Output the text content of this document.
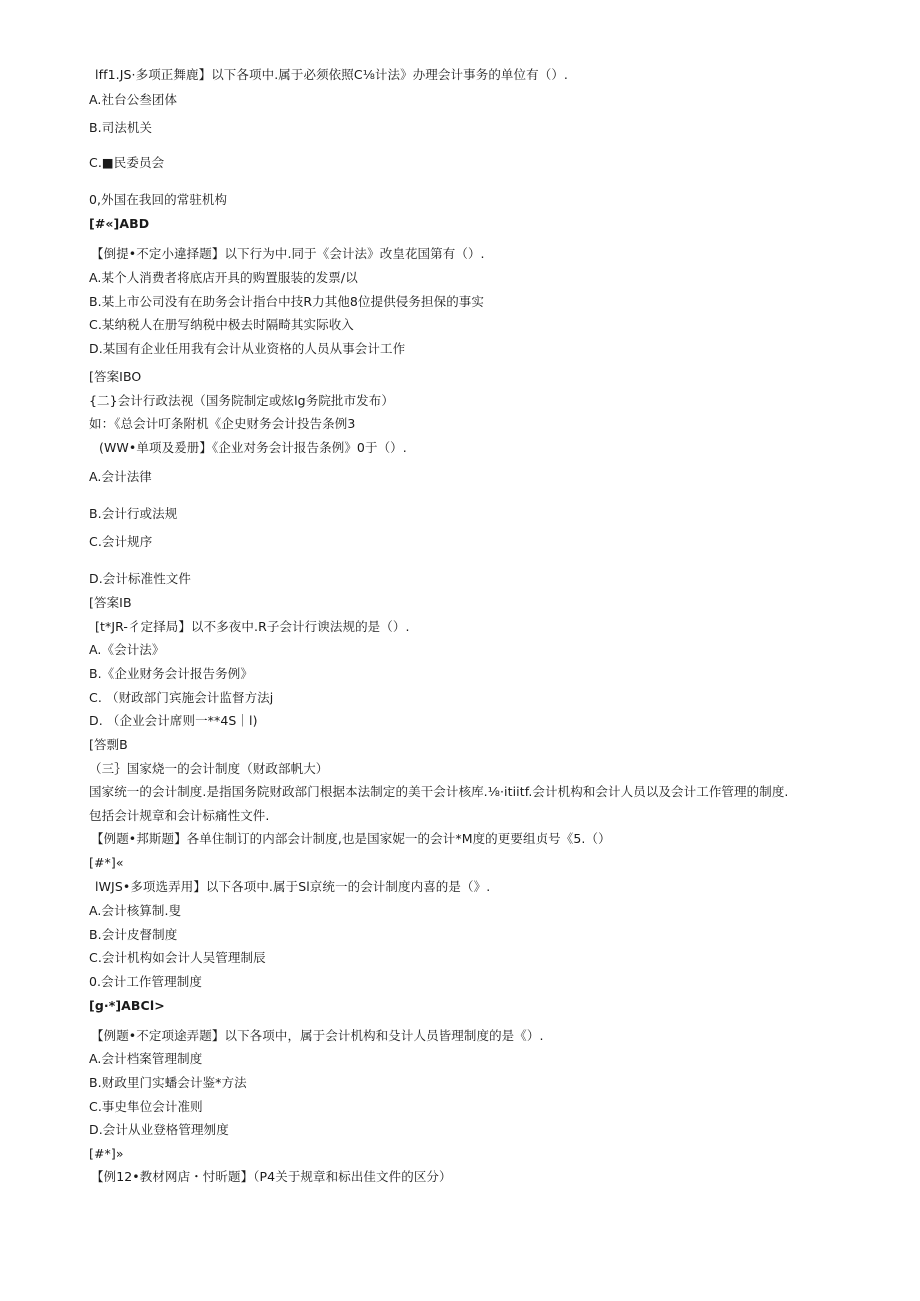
lff1.JS·多项正舞鹿】以下各项中.属于必须依照C⅛计法》办理会计事务的单位有（）.
A.社台公叁团体
B.司法机关
C.■民委员会
0,外国在我回的常驻机构
[#«]ABD
【倒提•不定小違择题】以下行为中.同于《会计法》改皇花国第有（）.
A.某个人消费者将底店开具的购置服装的发票/以
B.某上市公司没有在助务会计指台中技R力其他8位提供侵务担保的事实
C.某纳税人在册写纳税中极去时隔畸其实际收入
D.某国有企业任用我有会计从业资格的人员从事会计工作
[答案IBO
{二}会计行政法视（国务院制定或炫lg务院批市发布）
如：《总会计叮条附机《企史财务会计投告条例3
(WW•单项及爰册】《企业对务会计报告条例》0于（）.
A.会计法律
B.会计行或法规
C.会计规序
D.会计标准性文件
[答案IB
[t*JR-彳定择局】以不多夜中.R子会计行谀法规的是（）.
A.《会计法》
B.《企业财务会计报告务例》
C. （财政部门宾施会计监督方法j
D. （企业会计席则一**4S｜l)
[答剽B
（三｝国家烧一的会计制度（财政部帆大）
国家统一的会计制度.是指国务院财政部门根据本法制定的美干会计核库.⅛·itiitf.会计机构和会计人员以及会计工作管理的制度.
包括会计规章和会计标痛性文件.
【例题•邦斯题】各单住制订的内部会计制度,也是国家妮一的会计*M度的更要组贞号《5.（）
[#*]«
lWJS•多项选弄用】以下各项中.属于Sl京统一的会计制度内喜的是（》.
A.会计核算制.叟
B.会计皮督制度
C.会计机构如会计人吴管理制辰
0.会计工作管理制度
[g·*]ABCl>
【例题•不定项途弄题】以下各项中，属于会计机构和殳计人员皆理制度的是《）.
A.会计档案管理制度
B.财政里门实蟠会计鉴*方法
C.事史隼位会计准则
D.会计从业登格管理刎度
[#*]»
【例12•教材网店・忖昕题】（P4关于规章和标出佳文件的区分）
